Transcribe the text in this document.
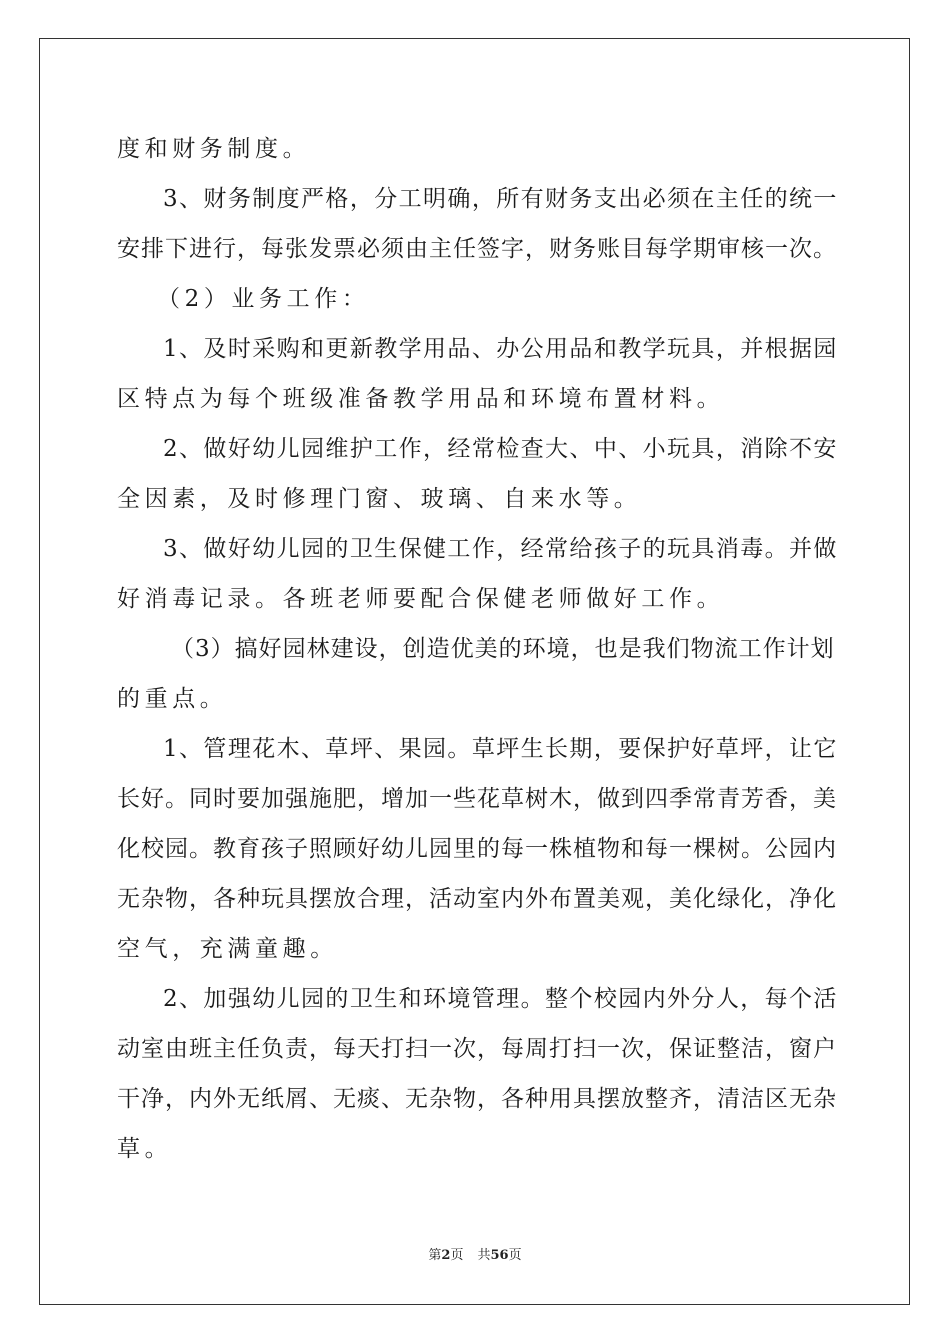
度和财务制度。
3、财务制度严格，分工明确，所有财务支出必须在主任的统一
安排下进行，每张发票必须由主任签字，财务账目每学期审核一次。
（2）业务工作：
1、及时采购和更新教学用品、办公用品和教学玩具，并根据园
区特点为每个班级准备教学用品和环境布置材料。
2、做好幼儿园维护工作，经常检查大、中、小玩具，消除不安
全因素，及时修理门窗、玻璃、自来水等。
3、做好幼儿园的卫生保健工作，经常给孩子的玩具消毒。并做
好消毒记录。各班老师要配合保健老师做好工作。
（3）搞好园林建设，创造优美的环境，也是我们物流工作计划
的重点。
1、管理花木、草坪、果园。草坪生长期，要保护好草坪，让它
长好。同时要加强施肥，增加一些花草树木，做到四季常青芳香，美
化校园。教育孩子照顾好幼儿园里的每一株植物和每一棵树。公园内
无杂物，各种玩具摆放合理，活动室内外布置美观，美化绿化，净化
空气，充满童趣。
2、加强幼儿园的卫生和环境管理。整个校园内外分人，每个活
动室由班主任负责，每天打扫一次，每周打扫一次，保证整洁，窗户
干净，内外无纸屑、无痰、无杂物，各种用具摆放整齐，清洁区无杂
草。
第2页 共56页
